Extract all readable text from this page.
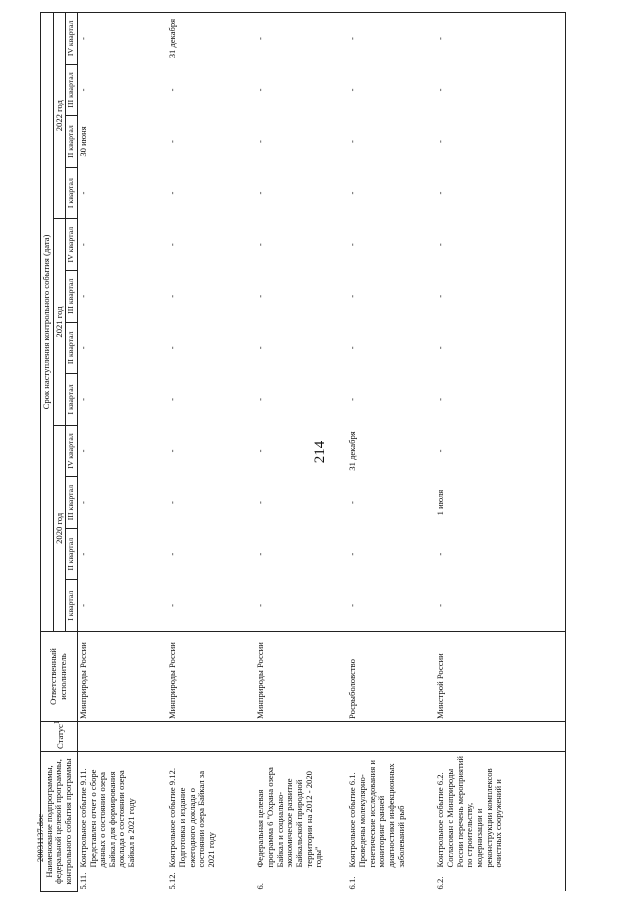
214
20031137.doc
Наименование подпрограммы, федеральной целевой программы, контрольного события программы		Статус$^1$	Ответственный исполнитель	Срок наступления контрольного события (дата)											
				2020 год				2021 год				2022 год			
				I квартал	II квартал	III квартал	IV квартал	I квартал	II квартал	III квартал	IV квартал	I квартал	II квартал	III квартал	IV квартал
5.11.	Контрольное событие 9.11. Представлен отчет о сборе данных о состоянии озера Байкал для формирования доклада о состоянии озера Байкал в 2021 году		Минприроды России	-	-	-	-	-	-	-	-	-	30 июня	-	-
5.12.	Контрольное событие 9.12. Подготовка и издание ежегодного доклада о состоянии озера Байкал за 2021 году		Минприроды России	-	-	-	-	-	-	-	-	-	-	-	31 декабря
6.	Федеральная целевая программа 6 "Охрана озера Байкал и социально-экономическое развитие Байкальской природной территории на 2012 - 2020 годы"		Минприроды России	-	-	-	-	-	-	-	-	-	-	-	-
6.1.	Контрольное событие 6.1. Проведены молекулярно-генетические исследования и мониторинг ранней диагностики инфекционных заболеваний рыб		Росрыболовство	-	-	-	31 декабря	-	-	-	-	-	-	-	-
6.2.	Контрольное событие 6.2. Согласован с Минприроды России перечень мероприятий по строительству, модернизации и реконструкции комплексов очистных сооружений и		Минстрой России	-	-	1 июля	-	-	-	-	-	-	-	-	-
